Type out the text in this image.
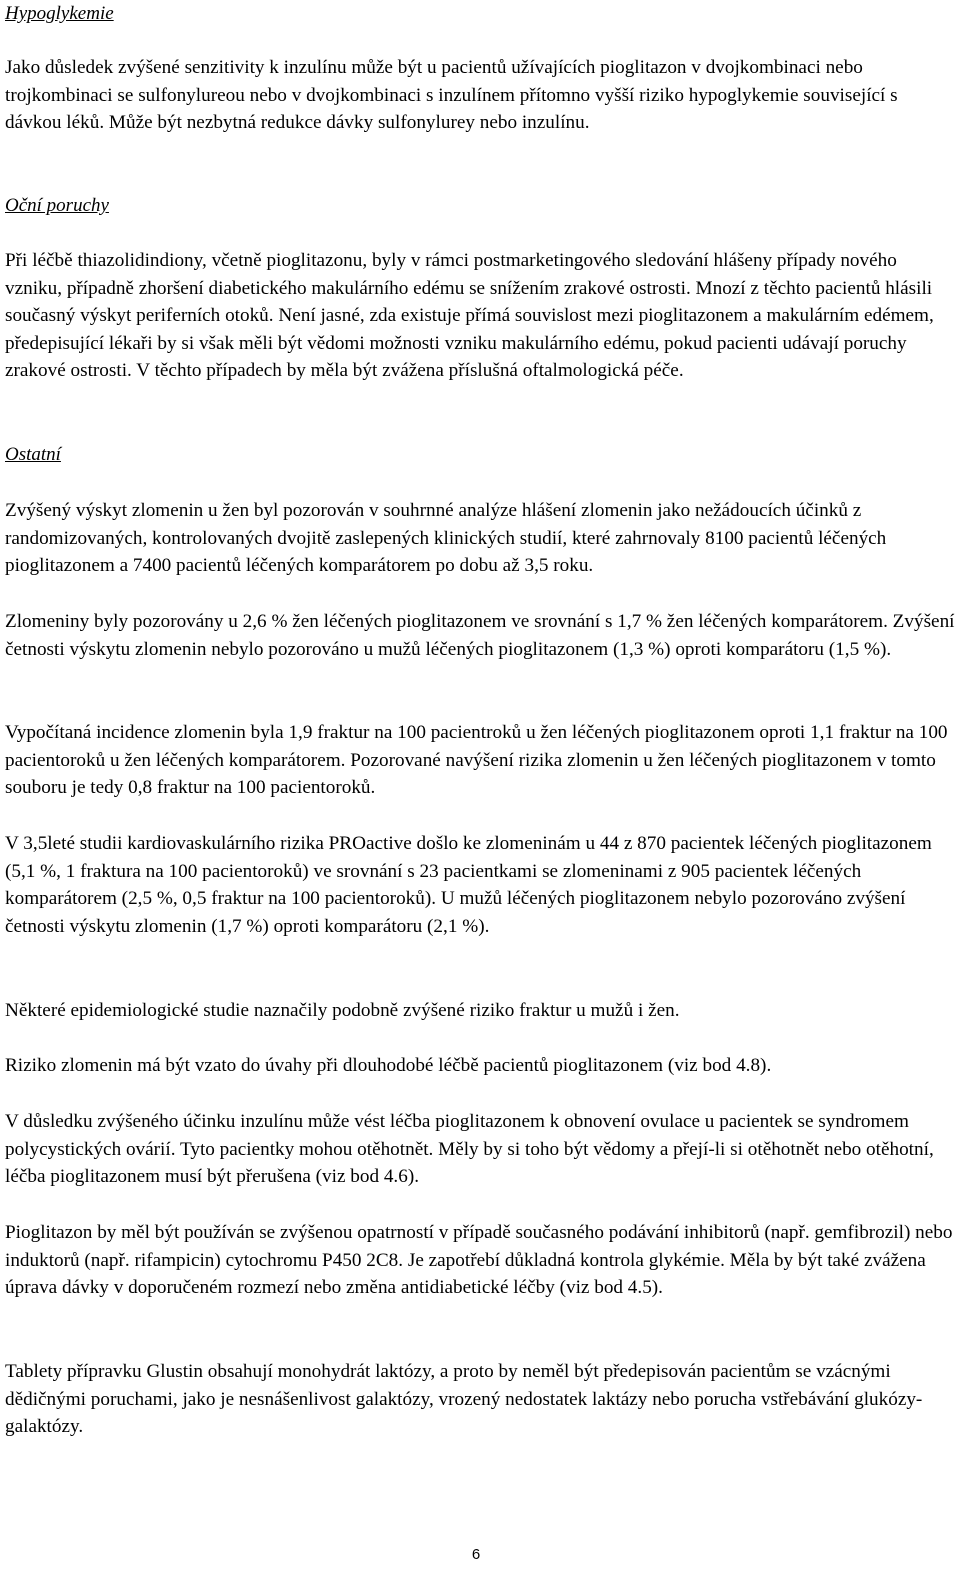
Hypoglykemie

Jako důsledek zvýšené senzitivity k inzulínu může být u pacientů užívajících pioglitazon v dvojkombinaci nebo trojkombinaci se sulfonylureou nebo v dvojkombinaci s inzulínem přítomno vyšší riziko hypoglykemie související s dávkou léků. Může být nezbytná redukce dávky sulfonylurey nebo inzulínu.

Oční poruchy

Při léčbě thiazolidindiony, včetně pioglitazonu, byly v rámci postmarketingového sledování hlášeny případy nového vzniku, případně zhoršení diabetického makulárního edému se snížením zrakové ostrosti. Mnozí z těchto pacientů hlásili současný výskyt periferních otoků. Není jasné, zda existuje přímá souvislost mezi pioglitazonem a makulárním edémem, předepisující lékaři by si však měli být vědomi možnosti vzniku makulárního edému, pokud pacienti udávají poruchy zrakové ostrosti. V těchto případech by měla být zvážena příslušná oftalmologická péče.

Ostatní

Zvýšený výskyt zlomenin u žen byl pozorován v souhrnné analýze hlášení zlomenin jako nežádoucích účinků z randomizovaných, kontrolovaných dvojitě zaslepených klinických studií, které zahrnovaly 8100 pacientů léčených pioglitazonem a 7400 pacientů léčených komparátorem po dobu až 3,5 roku.

Zlomeniny byly pozorovány u 2,6 % žen léčených pioglitazonem ve srovnání s 1,7 % žen léčených komparátorem. Zvýšení četnosti výskytu zlomenin nebylo pozorováno u mužů léčených pioglitazonem (1,3 %) oproti komparátoru (1,5 %).

Vypočítaná incidence zlomenin byla 1,9 fraktur na 100 pacientroků u žen léčených pioglitazonem oproti 1,1 fraktur na 100 pacientoroků u žen léčených komparátorem. Pozorované navýšení rizika zlomenin u žen léčených pioglitazonem v tomto souboru je tedy 0,8 fraktur na 100 pacientoroků.

V 3,5leté studii kardiovaskulárního rizika PROactive došlo ke zlomeninám u 44 z 870 pacientek léčených pioglitazonem (5,1 %, 1 fraktura na 100 pacientoroků) ve srovnání s 23 pacientkami se zlomeninami z 905 pacientek léčených komparátorem (2,5 %, 0,5 fraktur na 100 pacientoroků). U mužů léčených pioglitazonem nebylo pozorováno zvýšení četnosti výskytu zlomenin (1,7 %) oproti komparátoru (2,1 %).

Některé epidemiologické studie naznačily podobně zvýšené riziko fraktur u mužů i žen.

Riziko zlomenin má být vzato do úvahy při dlouhodobé léčbě pacientů pioglitazonem (viz bod 4.8).

V důsledku zvýšeného účinku inzulínu může vést léčba pioglitazonem k obnovení ovulace u pacientek se syndromem polycystických ovárií. Tyto pacientky mohou otěhotnět. Měly by si toho být vědomy a přejí-li si otěhotnět nebo otěhotní, léčba pioglitazonem musí být přerušena (viz bod 4.6).

Pioglitazon by měl být používán se zvýšenou opatrností v případě současného podávání inhibitorů (např. gemfibrozil) nebo induktorů (např. rifampicin) cytochromu P450 2C8. Je zapotřebí důkladná kontrola glykémie. Měla by být také zvážena úprava dávky v doporučeném rozmezí nebo změna antidiabetické léčby (viz bod 4.5).

Tablety přípravku Glustin obsahují monohydrát laktózy, a proto by neměl být předepisován pacientům se vzácnými dědičnými poruchami, jako je nesnášenlivost galaktózy, vrozený nedostatek laktázy nebo porucha vstřebávání glukózy-galaktózy.

6
